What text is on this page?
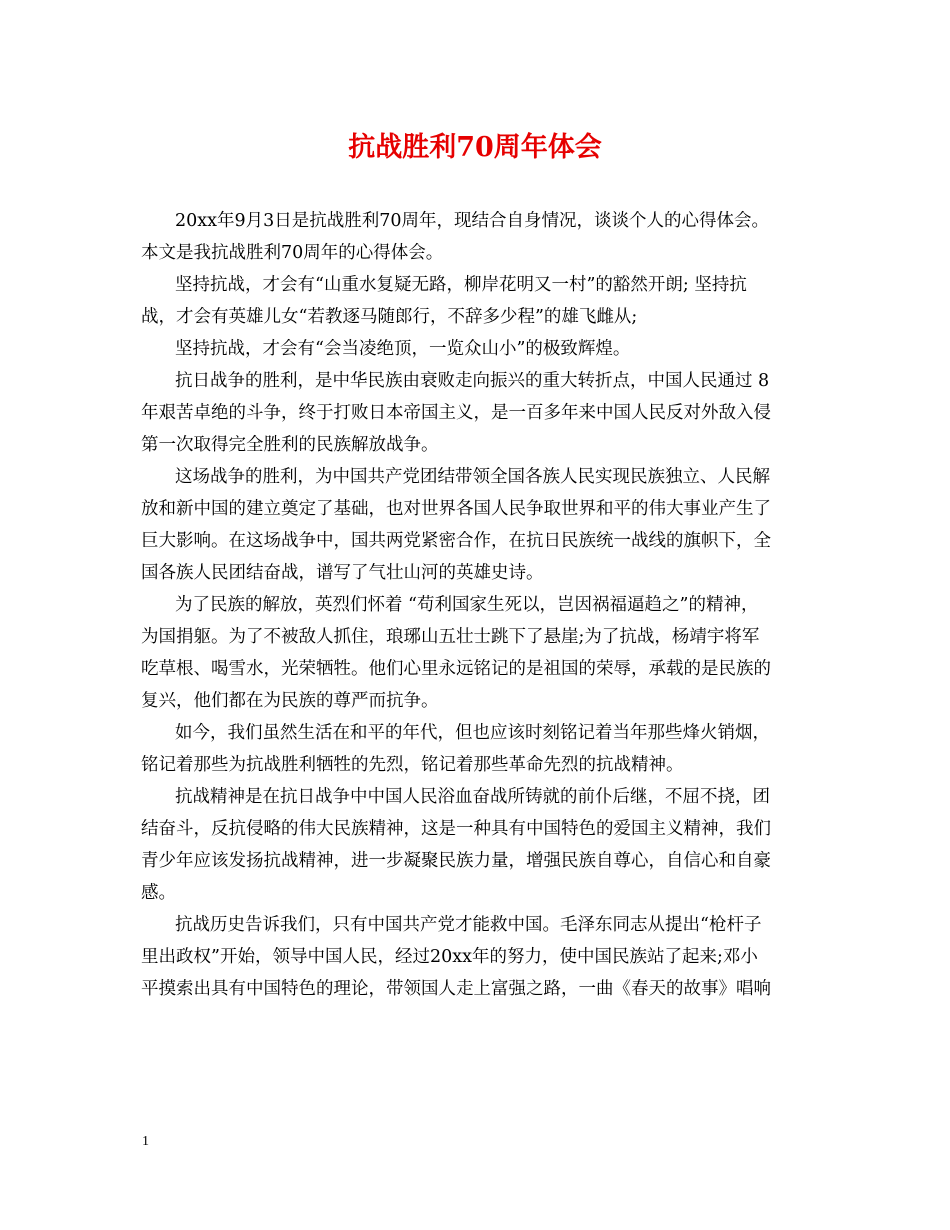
抗战胜利70周年体会
20xx年9月3日是抗战胜利70周年，现结合自身情况，谈谈个人的心得体会。
本文是我抗战胜利70周年的心得体会。
坚持抗战，才会有“山重水复疑无路，柳岸花明又一村”的豁然开朗; 坚持抗
战，才会有英雄儿女“若教逐马随郎行，不辞多少程”的雄飞雌从;
坚持抗战，才会有“会当凌绝顶，一览众山小”的极致辉煌。
抗日战争的胜利，是中华民族由衰败走向振兴的重大转折点，中国人民通过 8
年艰苦卓绝的斗争，终于打败日本帝国主义，是一百多年来中国人民反对外敌入侵
第一次取得完全胜利的民族解放战争。
这场战争的胜利，为中国共产党团结带领全国各族人民实现民族独立、人民解
放和新中国的建立奠定了基础，也对世界各国人民争取世界和平的伟大事业产生了
巨大影响。在这场战争中，国共两党紧密合作，在抗日民族统一战线的旗帜下，全
国各族人民团结奋战，谱写了气壮山河的英雄史诗。
为了民族的解放，英烈们怀着 “苟利国家生死以，岂因祸福逼趋之”的精神，
为国捐躯。为了不被敌人抓住，琅琊山五壮士跳下了悬崖;为了抗战，杨靖宇将军
吃草根、喝雪水，光荣牺牲。他们心里永远铭记的是祖国的荣辱，承载的是民族的
复兴，他们都在为民族的尊严而抗争。
如今，我们虽然生活在和平的年代，但也应该时刻铭记着当年那些烽火销烟，
铭记着那些为抗战胜利牺牲的先烈，铭记着那些革命先烈的抗战精神。
抗战精神是在抗日战争中中国人民浴血奋战所铸就的前仆后继，不屈不挠，团
结奋斗，反抗侵略的伟大民族精神，这是一种具有中国特色的爱国主义精神，我们
青少年应该发扬抗战精神，进一步凝聚民族力量，增强民族自尊心，自信心和自豪
感。
抗战历史告诉我们，只有中国共产党才能救中国。毛泽东同志从提出“枪杆子
里出政权”开始，领导中国人民，经过20xx年的努力，使中国民族站了起来;邓小
平摸索出具有中国特色的理论，带领国人走上富强之路，一曲《春天的故事》唱响
1
